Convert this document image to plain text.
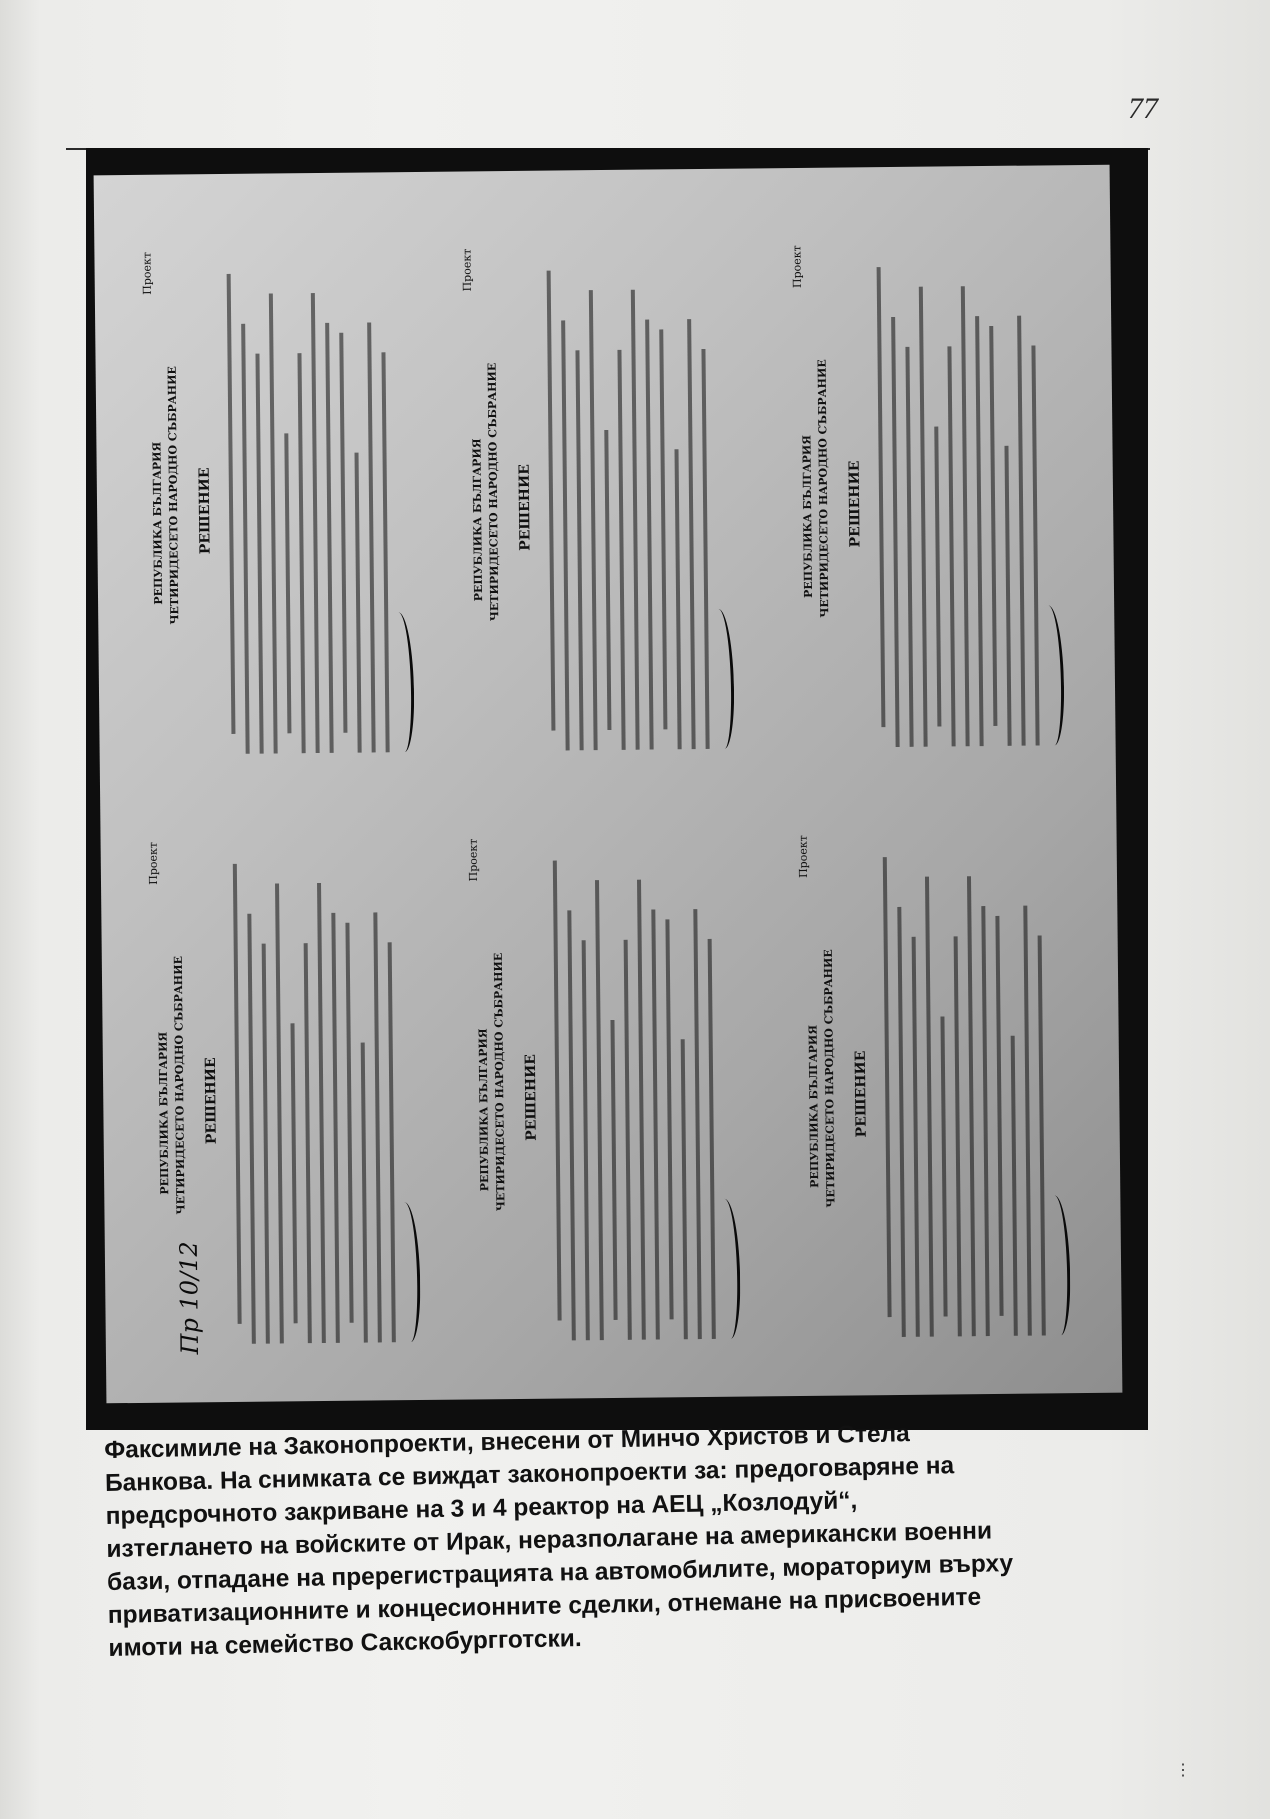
77
Проект
РЕПУБЛИКА БЪЛГАРИЯ ЧЕТИРИДЕСЕТО НАРОДНО СЪБРАНИЕ РЕШЕНИЕ
Проект
РЕПУБЛИКА БЪЛГАРИЯ ЧЕТИРИДЕСЕТО НАРОДНО СЪБРАНИЕ РЕШЕНИЕ
Проект
РЕПУБЛИКА БЪЛГАРИЯ ЧЕТИРИДЕСЕТО НАРОДНО СЪБРАНИЕ РЕШЕНИЕ
Проект
РЕПУБЛИКА БЪЛГАРИЯ ЧЕТИРИДЕСЕТО НАРОДНО СЪБРАНИЕ РЕШЕНИЕ
Проект
РЕПУБЛИКА БЪЛГАРИЯ ЧЕТИРИДЕСЕТО НАРОДНО СЪБРАНИЕ РЕШЕНИЕ
Проект
РЕПУБЛИКА БЪЛГАРИЯ ЧЕТИРИДЕСЕТО НАРОДНО СЪБРАНИЕ РЕШЕНИЕ
Пр 10/12
Факсимиле на Законопроекти, внесени от Минчо Христов и Стела
Банкова. На снимката се виждат законопроекти за: предоговаряне на
предсрочното закриване на 3 и 4 реактор на АЕЦ „Козлодуй“,
изтеглането на войските от Ирак, неразполагане на американски военни
бази, отпадане на пререгистрацията на автомобилите, мораториум върху
приватизационните и концесионните сделки, отнемане на присвоените
имоти на семейство Сакскобургготски.
⋮
